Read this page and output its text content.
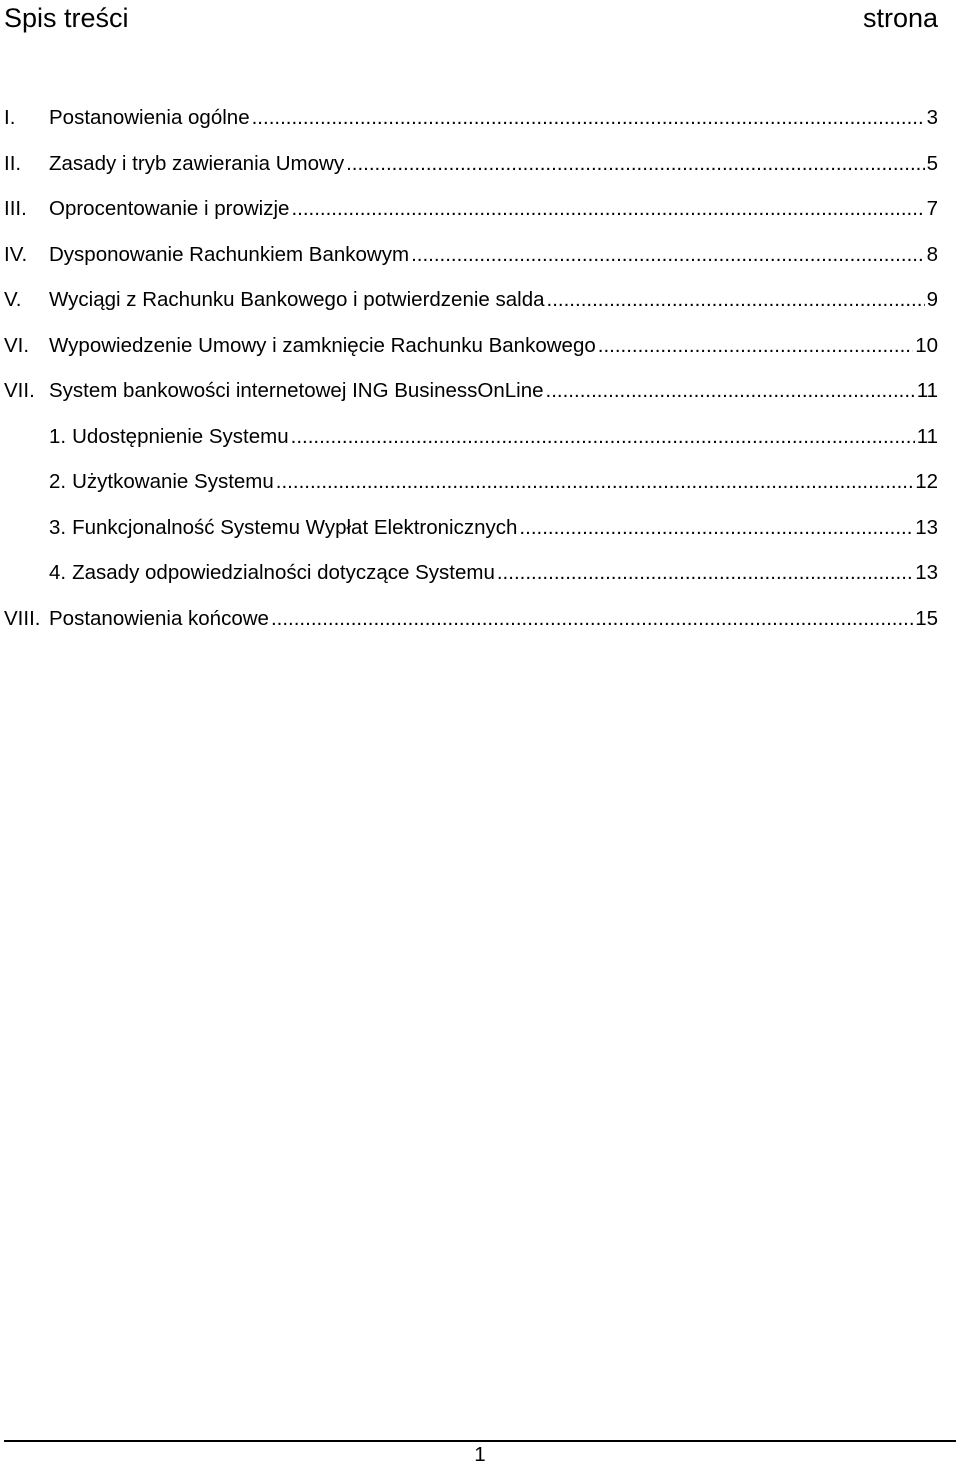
Spis treści	strona
I.	Postanowienia ogólne .....	3
II.	Zasady i tryb zawierania Umowy .....	5
III.	Oprocentowanie i prowizje .....	7
IV.	Dysponowanie Rachunkiem Bankowym .....	8
V.	Wyciągi z Rachunku Bankowego i potwierdzenie salda .....	9
VI. Wypowiedzenie Umowy i zamknięcie Rachunku Bankowego .....	10
VII. System bankowości internetowej ING BusinessOnLine .....	11
1. Udostępnienie Systemu .....	11
2. Użytkowanie Systemu .....	12
3. Funkcjonalność Systemu Wypłat Elektronicznych .....	13
4. Zasady odpowiedzialności dotyczące Systemu .....	13
VIII. Postanowienia końcowe .....	15
1
